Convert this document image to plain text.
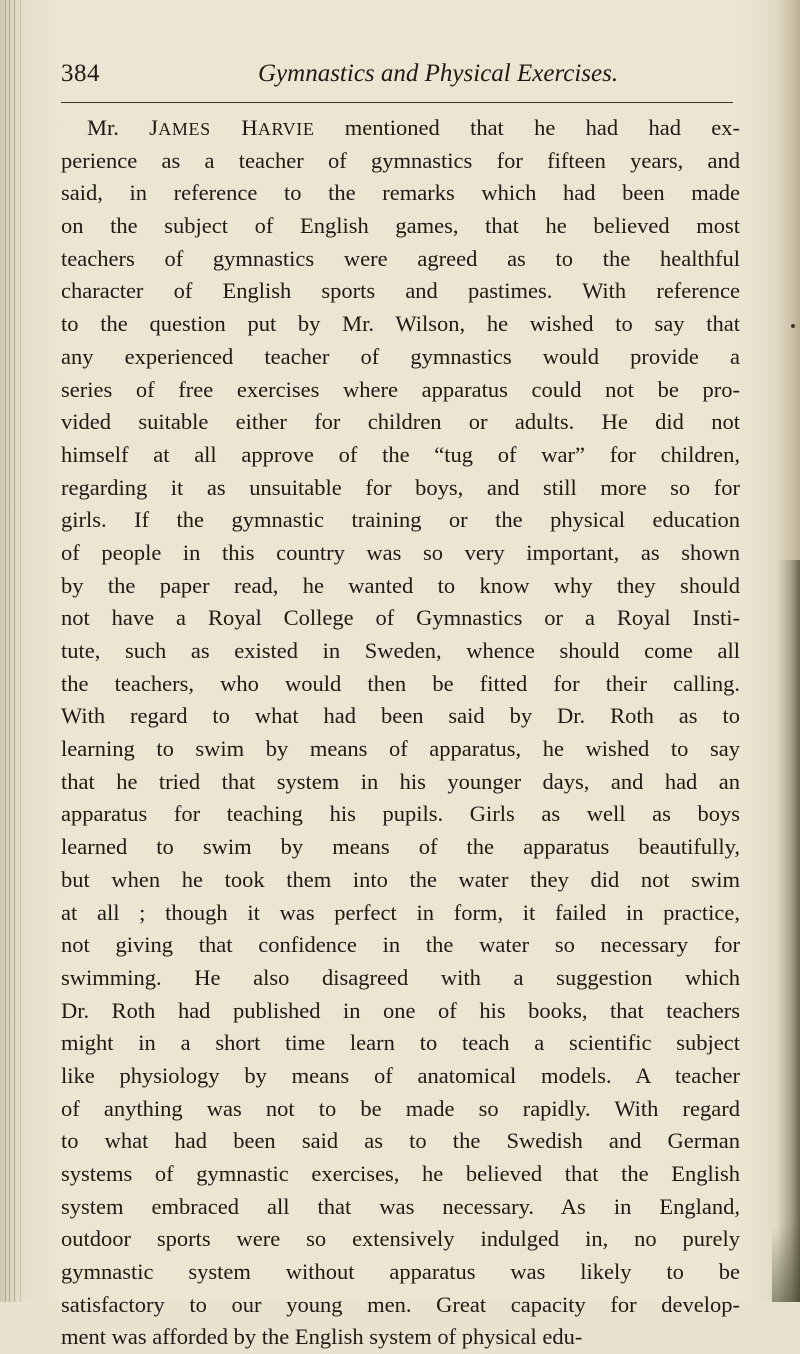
384	Gymnastics and Physical Exercises.
Mr. JAMES HARVIE mentioned that he had had ex-
perience as a teacher of gymnastics for fifteen years, and
said, in reference to the remarks which had been made
on the subject of English games, that he believed most
teachers of gymnastics were agreed as to the healthful
character of English sports and pastimes. With reference
to the question put by Mr. Wilson, he wished to say that
any experienced teacher of gymnastics would provide a
series of free exercises where apparatus could not be pro-
vided suitable either for children or adults. He did not
himself at all approve of the “tug of war” for children,
regarding it as unsuitable for boys, and still more so for
girls. If the gymnastic training or the physical education
of people in this country was so very important, as shown
by the paper read, he wanted to know why they should
not have a Royal College of Gymnastics or a Royal Insti-
tute, such as existed in Sweden, whence should come all
the teachers, who would then be fitted for their calling.
With regard to what had been said by Dr. Roth as to
learning to swim by means of apparatus, he wished to say
that he tried that system in his younger days, and had an
apparatus for teaching his pupils. Girls as well as boys
learned to swim by means of the apparatus beautifully,
but when he took them into the water they did not swim
at all ; though it was perfect in form, it failed in practice,
not giving that confidence in the water so necessary for
swimming. He also disagreed with a suggestion which
Dr. Roth had published in one of his books, that teachers
might in a short time learn to teach a scientific subject
like physiology by means of anatomical models. A teacher
of anything was not to be made so rapidly. With regard
to what had been said as to the Swedish and German
systems of gymnastic exercises, he believed that the English
system embraced all that was necessary. As in England,
outdoor sports were so extensively indulged in, no purely
gymnastic system without apparatus was likely to be
satisfactory to our young men. Great capacity for develop-
ment was afforded by the English system of physical edu-
